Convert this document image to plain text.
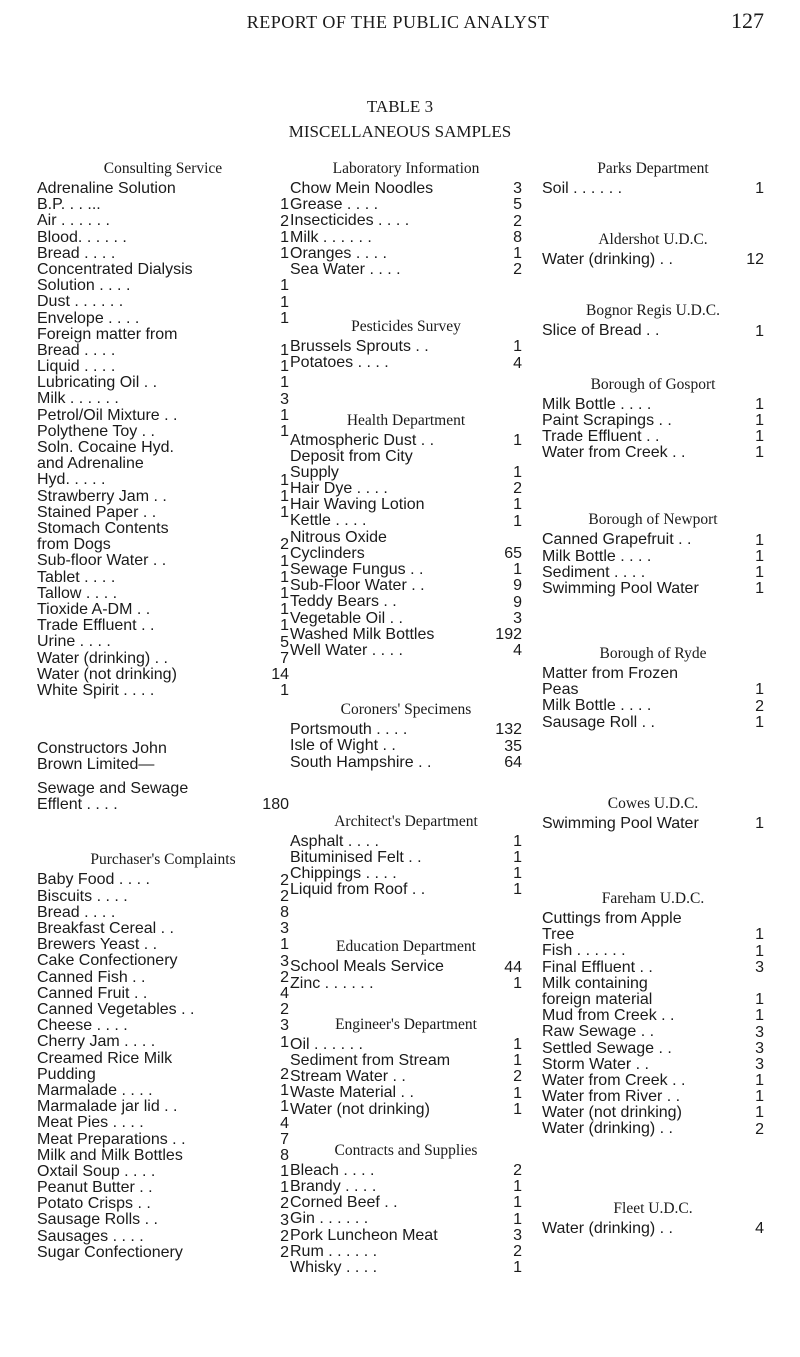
REPORT OF THE PUBLIC ANALYST	127
TABLE 3
MISCELLANEOUS SAMPLES
Consulting Service
Adrenaline Solution
B.P. . . ...	1
Air . . . . . .	2
Blood. . . . . .	1
Bread . . . .	1
Concentrated Dialysis
Solution . . . .	1
Dust . . . . . .	1
Envelope . . . .	1
Foreign matter from
Bread . . . .	1
Liquid . . . .	1
Lubricating Oil . .	1
Milk . . . . . .	3
Petrol/Oil Mixture . .	1
Polythene Toy . .	1
Soln. Cocaine Hyd.
and Adrenaline
Hyd. . . . .	1
Strawberry Jam . .	1
Stained Paper . .	1
Stomach Contents
from Dogs	2
Sub-floor Water . .	1
Tablet . . . .	1
Tallow . . . .	1
Tioxide A-DM . .	1
Trade Effluent . .	1
Urine . . . .	5
Water (drinking) . .	7
Water (not drinking)	14
White Spirit . . . .	1
Constructors John
Brown Limited—
Sewage and Sewage
Efflent . . . .	180
Purchaser's Complaints
Baby Food . . . .	2
Biscuits . . . .	2
Bread . . . .	8
Breakfast Cereal . .	3
Brewers Yeast . .	1
Cake Confectionery	3
Canned Fish . .	2
Canned Fruit . .	4
Canned Vegetables . .	2
Cheese . . . .	3
Cherry Jam . . . .	1
Creamed Rice Milk
Pudding	2
Marmalade . . . .	1
Marmalade jar lid . .	1
Meat Pies . . . .	4
Meat Preparations . .	7
Milk and Milk Bottles	8
Oxtail Soup . . . .	1
Peanut Butter . .	1
Potato Crisps . .	2
Sausage Rolls . .	3
Sausages . . . .	2
Sugar Confectionery	2
Laboratory Information
Chow Mein Noodles	3
Grease . . . .	5
Insecticides . . . .	2
Milk . . . . . .	8
Oranges . . . .	1
Sea Water . . . .	2
Pesticides Survey
Brussels Sprouts . .	1
Potatoes . . . .	4
Health Department
Atmospheric Dust . .	1
Deposit from City
Supply	1
Hair Dye . . . .	2
Hair Waving Lotion	1
Kettle . . . .	1
Nitrous Oxide
Cyclinders	65
Sewage Fungus . .	1
Sub-Floor Water . .	9
Teddy Bears . .	9
Vegetable Oil . .	3
Washed Milk Bottles	192
Well Water . . . .	4
Coroners' Specimens
Portsmouth . . . .	132
Isle of Wight . .	35
South Hampshire . .	64
Architect's Department
Asphalt . . . .	1
Bituminised Felt . .	1
Chippings . . . .	1
Liquid from Roof . .	1
Education Department
School Meals Service	44
Zinc . . . . . .	1
Engineer's Department
Oil . . . . . .	1
Sediment from Stream	1
Stream Water . .	2
Waste Material . .	1
Water (not drinking)	1
Contracts and Supplies
Bleach . . . .	2
Brandy . . . .	1
Corned Beef . .	1
Gin . . . . . .	1
Pork Luncheon Meat	3
Rum . . . . . .	2
Whisky . . . .	1
Parks Department
Soil . . . . . .	1
Aldershot U.D.C.
Water (drinking) . .	12
Bognor Regis U.D.C.
Slice of Bread . .	1
Borough of Gosport
Milk Bottle . . . .	1
Paint Scrapings . .	1
Trade Effluent . .	1
Water from Creek . .	1
Borough of Newport
Canned Grapefruit . .	1
Milk Bottle . . . .	1
Sediment . . . .	1
Swimming Pool Water	1
Borough of Ryde
Matter from Frozen
Peas	1
Milk Bottle . . . .	2
Sausage Roll . .	1
Cowes U.D.C.
Swimming Pool Water	1
Fareham U.D.C.
Cuttings from Apple
Tree	1
Fish . . . . . .	1
Final Effluent . .	3
Milk containing
foreign material	1
Mud from Creek . .	1
Raw Sewage . .	3
Settled Sewage . .	3
Storm Water . .	3
Water from Creek . .	1
Water from River . .	1
Water (not drinking)	1
Water (drinking) . .	2
Fleet U.D.C.
Water (drinking) . .	4
